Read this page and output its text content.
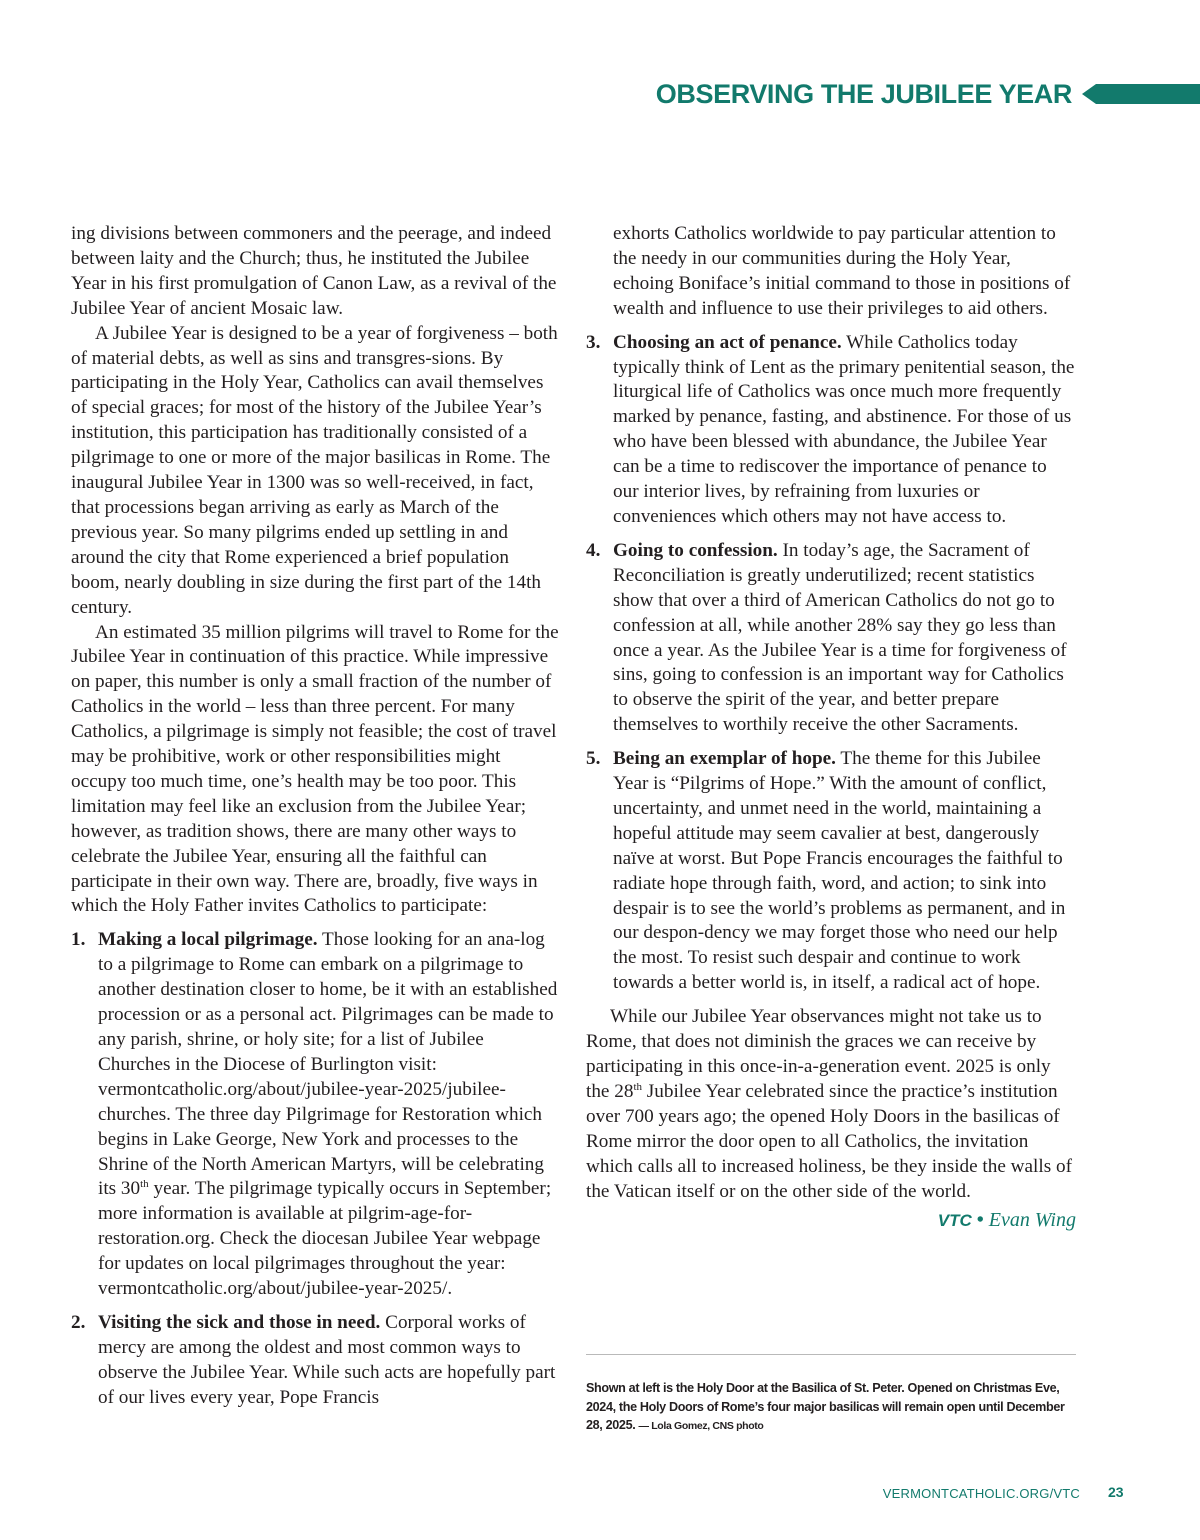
OBSERVING THE JUBILEE YEAR

ing divisions between commoners and the peerage, and indeed between laity and the Church; thus, he instituted the Jubilee Year in his first promulgation of Canon Law, as a revival of the Jubilee Year of ancient Mosaic law.

A Jubilee Year is designed to be a year of forgiveness – both of material debts, as well as sins and transgres-sions. By participating in the Holy Year, Catholics can avail themselves of special graces; for most of the history of the Jubilee Year’s institution, this participation has traditionally consisted of a pilgrimage to one or more of the major basilicas in Rome. The inaugural Jubilee Year in 1300 was so well-received, in fact, that processions began arriving as early as March of the previous year. So many pilgrims ended up settling in and around the city that Rome experienced a brief population boom, nearly doubling in size during the first part of the 14th century.

An estimated 35 million pilgrims will travel to Rome for the Jubilee Year in continuation of this practice. While impressive on paper, this number is only a small fraction of the number of Catholics in the world – less than three percent. For many Catholics, a pilgrimage is simply not feasible; the cost of travel may be prohibitive, work or other responsibilities might occupy too much time, one’s health may be too poor. This limitation may feel like an exclusion from the Jubilee Year; however, as tradition shows, there are many other ways to celebrate the Jubilee Year, ensuring all the faithful can participate in their own way. There are, broadly, five ways in which the Holy Father invites Catholics to participate:

1. Making a local pilgrimage. Those looking for an ana-log to a pilgrimage to Rome can embark on a pilgrimage to another destination closer to home, be it with an established procession or as a personal act. Pilgrimages can be made to any parish, shrine, or holy site; for a list of Jubilee Churches in the Diocese of Burlington visit: vermontcatholic.org/about/jubilee-year-2025/jubilee-churches. The three day Pilgrimage for Restoration which begins in Lake George, New York and processes to the Shrine of the North American Martyrs, will be celebrating its 30th year. The pilgrimage typically occurs in September; more information is available at pilgrim-age-for-restoration.org. Check the diocesan Jubilee Year webpage for updates on local pilgrimages throughout the year: vermontcatholic.org/about/jubilee-year-2025/.
2. Visiting the sick and those in need. Corporal works of mercy are among the oldest and most common ways to observe the Jubilee Year. While such acts are hopefully part of our lives every year, Pope Francis

exhorts Catholics worldwide to pay particular attention to the needy in our communities during the Holy Year, echoing Boniface’s initial command to those in positions of wealth and influence to use their privileges to aid others.

3. Choosing an act of penance. While Catholics today typically think of Lent as the primary penitential season, the liturgical life of Catholics was once much more frequently marked by penance, fasting, and abstinence. For those of us who have been blessed with abundance, the Jubilee Year can be a time to rediscover the importance of penance to our interior lives, by refraining from luxuries or conveniences which others may not have access to.
4. Going to confession. In today’s age, the Sacrament of Reconciliation is greatly underutilized; recent statistics show that over a third of American Catholics do not go to confession at all, while another 28% say they go less than once a year. As the Jubilee Year is a time for forgiveness of sins, going to confession is an important way for Catholics to observe the spirit of the year, and better prepare themselves to worthily receive the other Sacraments.
5. Being an exemplar of hope. The theme for this Jubilee Year is “Pilgrims of Hope.” With the amount of conflict, uncertainty, and unmet need in the world, maintaining a hopeful attitude may seem cavalier at best, dangerously naïve at worst. But Pope Francis encourages the faithful to radiate hope through faith, word, and action; to sink into despair is to see the world’s problems as permanent, and in our despon-dency we may forget those who need our help the most. To resist such despair and continue to work towards a better world is, in itself, a radical act of hope.

While our Jubilee Year observances might not take us to Rome, that does not diminish the graces we can receive by participating in this once-in-a-generation event. 2025 is only the 28th Jubilee Year celebrated since the practice’s institution over 700 years ago; the opened Holy Doors in the basilicas of Rome mirror the door open to all Catholics, the invitation which calls all to increased holiness, be they inside the walls of the Vatican itself or on the other side of the world.

VTC • Evan Wing

Shown at left is the Holy Door at the Basilica of St. Peter. Opened on Christmas Eve, 2024, the Holy Doors of Rome’s four major basilicas will remain open until December 28, 2025. — Lola Gomez, CNS photo

VERMONTCATHOLIC.ORG/VTC 23
